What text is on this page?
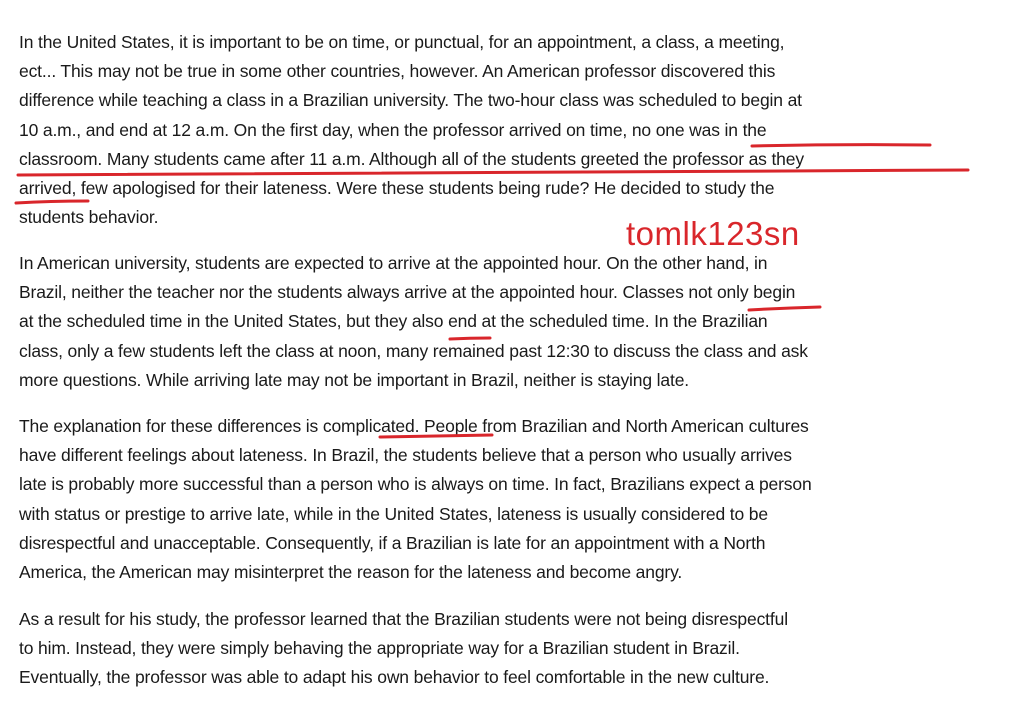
In the United States, it is important to be on time, or punctual, for an appointment, a class, a meeting,
ect... This may not be true in some other countries, however. An American professor discovered this
difference while teaching a class in a Brazilian university. The two-hour class was scheduled to begin at
10 a.m., and end at 12 a.m. On the first day, when the professor arrived on time, no one was in the
classroom. Many students came after 11 a.m. Although all of the students greeted the professor as they
arrived, few apologised for their lateness. Were these students being rude? He decided to study the
students behavior.

In American university, students are expected to arrive at the appointed hour. On the other hand, in
Brazil, neither the teacher nor the students always arrive at the appointed hour. Classes not only begin
at the scheduled time in the United States, but they also end at the scheduled time. In the Brazilian
class, only a few students left the class at noon, many remained past 12:30 to discuss the class and ask
more questions. While arriving late may not be important in Brazil, neither is staying late.

The explanation for these differences is complicated. People from Brazilian and North American cultures
have different feelings about lateness. In Brazil, the students believe that a person who usually arrives
late is probably more successful than a person who is always on time. In fact, Brazilians expect a person
with status or prestige to arrive late, while in the United States, lateness is usually considered to be
disrespectful and unacceptable. Consequently, if a Brazilian is late for an appointment with a North
America, the American may misinterpret the reason for the lateness and become angry.

As a result for his study, the professor learned that the Brazilian students were not being disrespectful
to him. Instead, they were simply behaving the appropriate way for a Brazilian student in Brazil.
Eventually, the professor was able to adapt his own behavior to feel comfortable in the new culture.

tomlk123sn
